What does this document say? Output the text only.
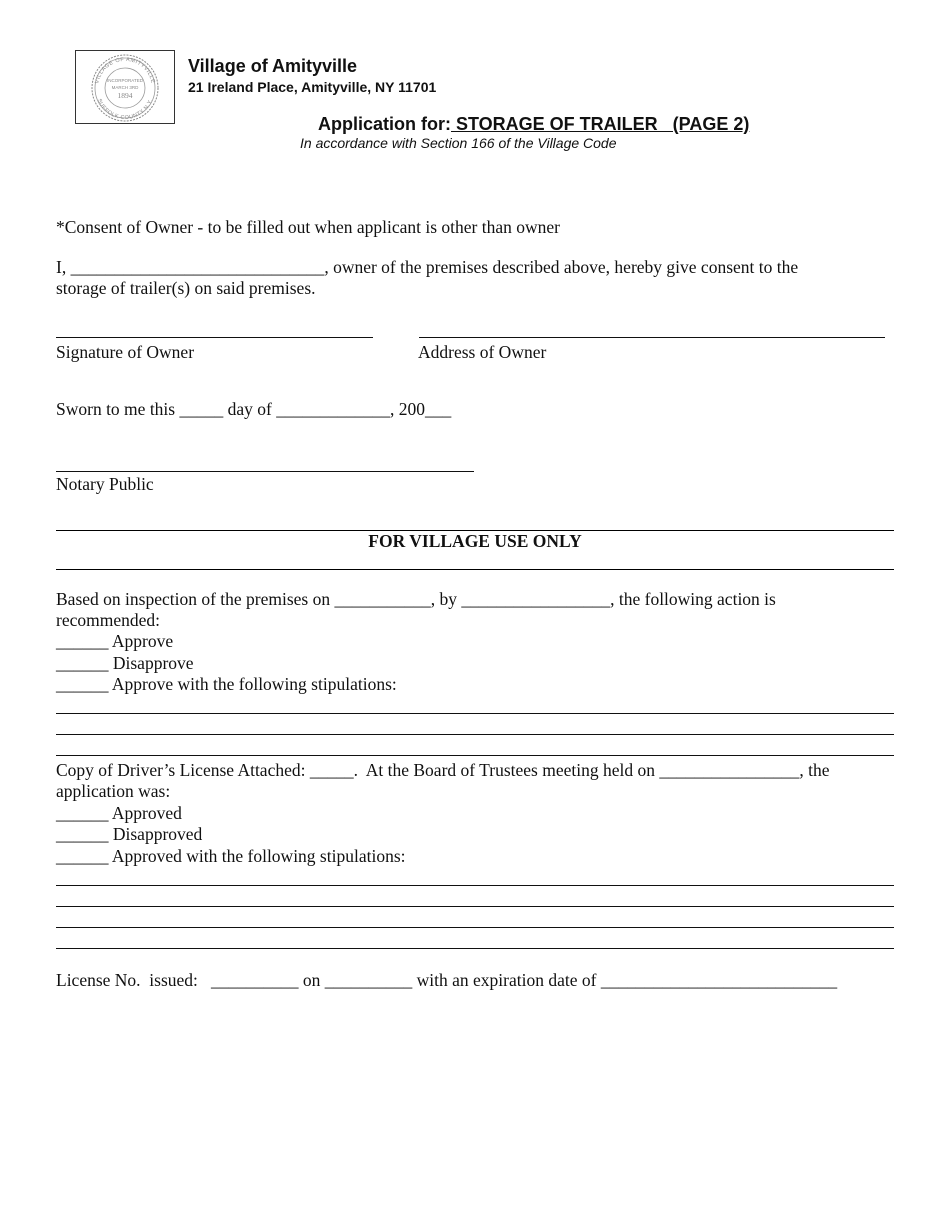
VILLAGE OF AMITYVILLE
SUFFOLK COUNTY N.Y.
INCORPORATED
MARCH 3RD
1894
Village of Amityville
21 Ireland Place, Amityville, NY 11701
Application for: STORAGE OF TRAILER   (PAGE 2)
In accordance with Section 166 of the Village Code
*Consent of Owner - to be filled out when applicant is other than owner
I, _____________________________, owner of the premises described above, hereby give consent to the
storage of trailer(s) on said premises.
Signature of Owner	Address of Owner
Sworn to me this _____ day of _____________, 200___
Notary Public
FOR VILLAGE USE ONLY
Based on inspection of the premises on ___________, by _________________, the following action is
recommended:
______ Approve
______ Disapprove
______ Approve with the following stipulations:
Copy of Driver’s License Attached: _____.  At the Board of Trustees meeting held on ________________, the
application was:
______ Approved
______ Disapproved
______ Approved with the following stipulations:
License No.  issued:   __________ on __________ with an expiration date of ___________________________
